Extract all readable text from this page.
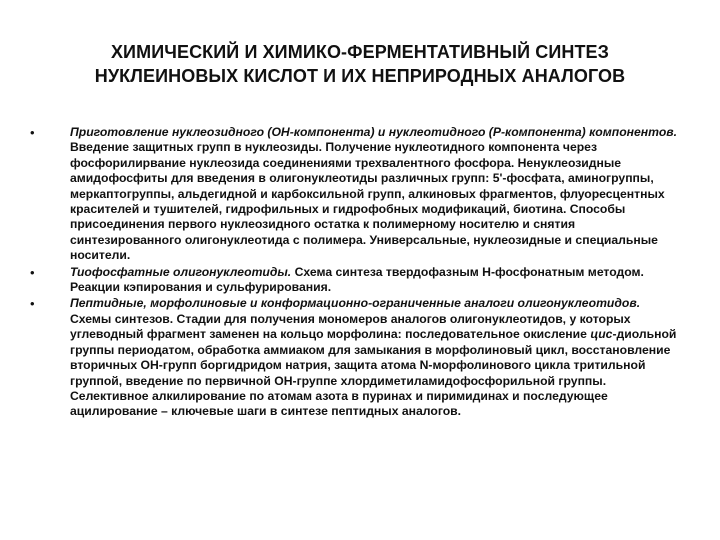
ХИМИЧЕСКИЙ И ХИМИКО-ФЕРМЕНТАТИВНЫЙ СИНТЕЗ
НУКЛЕИНОВЫХ КИСЛОТ И ИХ НЕПРИРОДНЫХ АНАЛОГОВ
•	Приготовление нуклеозидного (ОН-компонента) и нуклеотидного (Р-компонента) компонентов. Введение защитных групп в нуклеозиды. Получение нуклеотидного компонента через фосфорилирвание нуклеозида соединениями трехвалентного фосфора. Ненуклеозидные амидофосфиты для введения в олигонуклеотиды различных групп: 5'-фосфата, аминогруппы, меркаптогруппы, альдегидной и карбоксильной групп, алкиновых фрагментов, флуоресцентных красителей и тушителей, гидрофильных и гидрофобных модификаций, биотина. Способы присоединения первого нуклеозидного остатка к полимерному носителю и снятия синтезированного олигонуклеотида с полимера. Универсальные, нуклеозидные и специальные носители.
•	Тиофосфатные олигонуклеотиды. Схема синтеза твердофазным Н-фосфонатным методом. Реакции кэпирования и сульфурирования.
•	Пептидные, морфолиновые и конформационно-ограниченные аналоги олигонуклеотидов. Схемы синтезов. Стадии для получения мономеров аналогов олигонуклеотидов, у которых углеводный фрагмент заменен на кольцо морфолина: последовательное окисление цис-диольной группы периодатом, обработка аммиаком для замыкания в морфолиновый цикл, восстановление вторичных ОН-групп боргидридом натрия, защита атома N-морфолинового цикла тритильной группой, введение по первичной ОН-группе хлордиметиламидофосфорильной группы. Селективное алкилирование по атомам азота в пуринах и пиримидинах и последующее ацилирование – ключевые шаги в синтезе пептидных аналогов.
